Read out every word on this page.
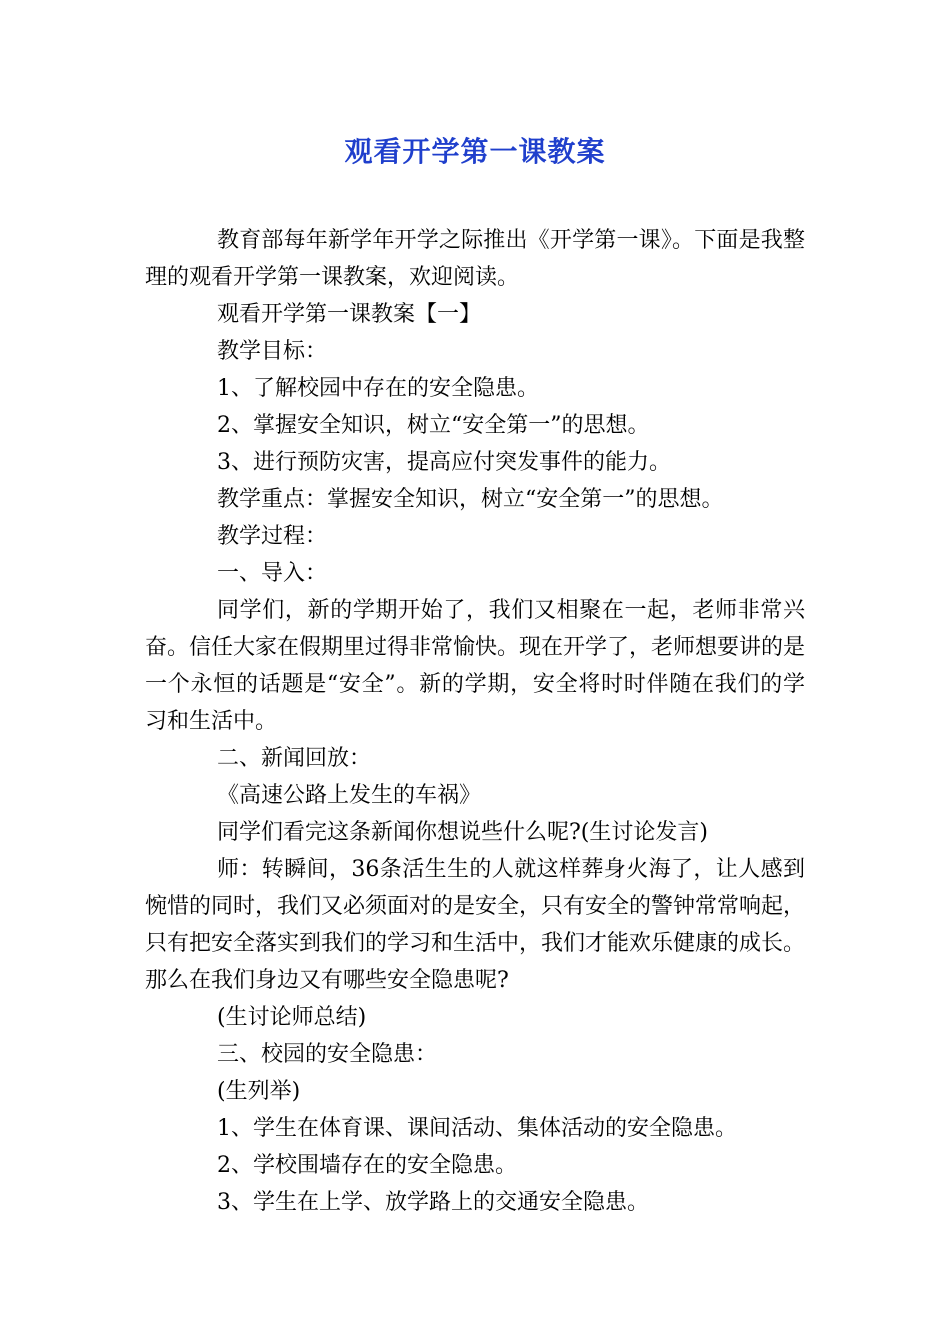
观看开学第一课教案

教育部每年新学年开学之际推出《开学第一课》。下面是我整理的观看开学第一课教案，欢迎阅读。

观看开学第一课教案【一】

教学目标：

1、了解校园中存在的安全隐患。

2、掌握安全知识，树立“安全第一”的思想。

3、进行预防灾害，提高应付突发事件的能力。

教学重点：掌握安全知识，树立“安全第一”的思想。

教学过程：

一、导入：

同学们，新的学期开始了，我们又相聚在一起，老师非常兴奋。信任大家在假期里过得非常愉快。现在开学了，老师想要讲的是一个永恒的话题是“安全”。新的学期，安全将时时伴随在我们的学习和生活中。

二、新闻回放：

《高速公路上发生的车祸》

同学们看完这条新闻你想说些什么呢?(生讨论发言)

师：转瞬间，36条活生生的人就这样葬身火海了，让人感到惋惜的同时，我们又必须面对的是安全，只有安全的警钟常常响起，只有把安全落实到我们的学习和生活中，我们才能欢乐健康的成长。那么在我们身边又有哪些安全隐患呢?

(生讨论师总结)

三、校园的安全隐患：

(生列举)

1、学生在体育课、课间活动、集体活动的安全隐患。

2、学校围墙存在的安全隐患。

3、学生在上学、放学路上的交通安全隐患。
